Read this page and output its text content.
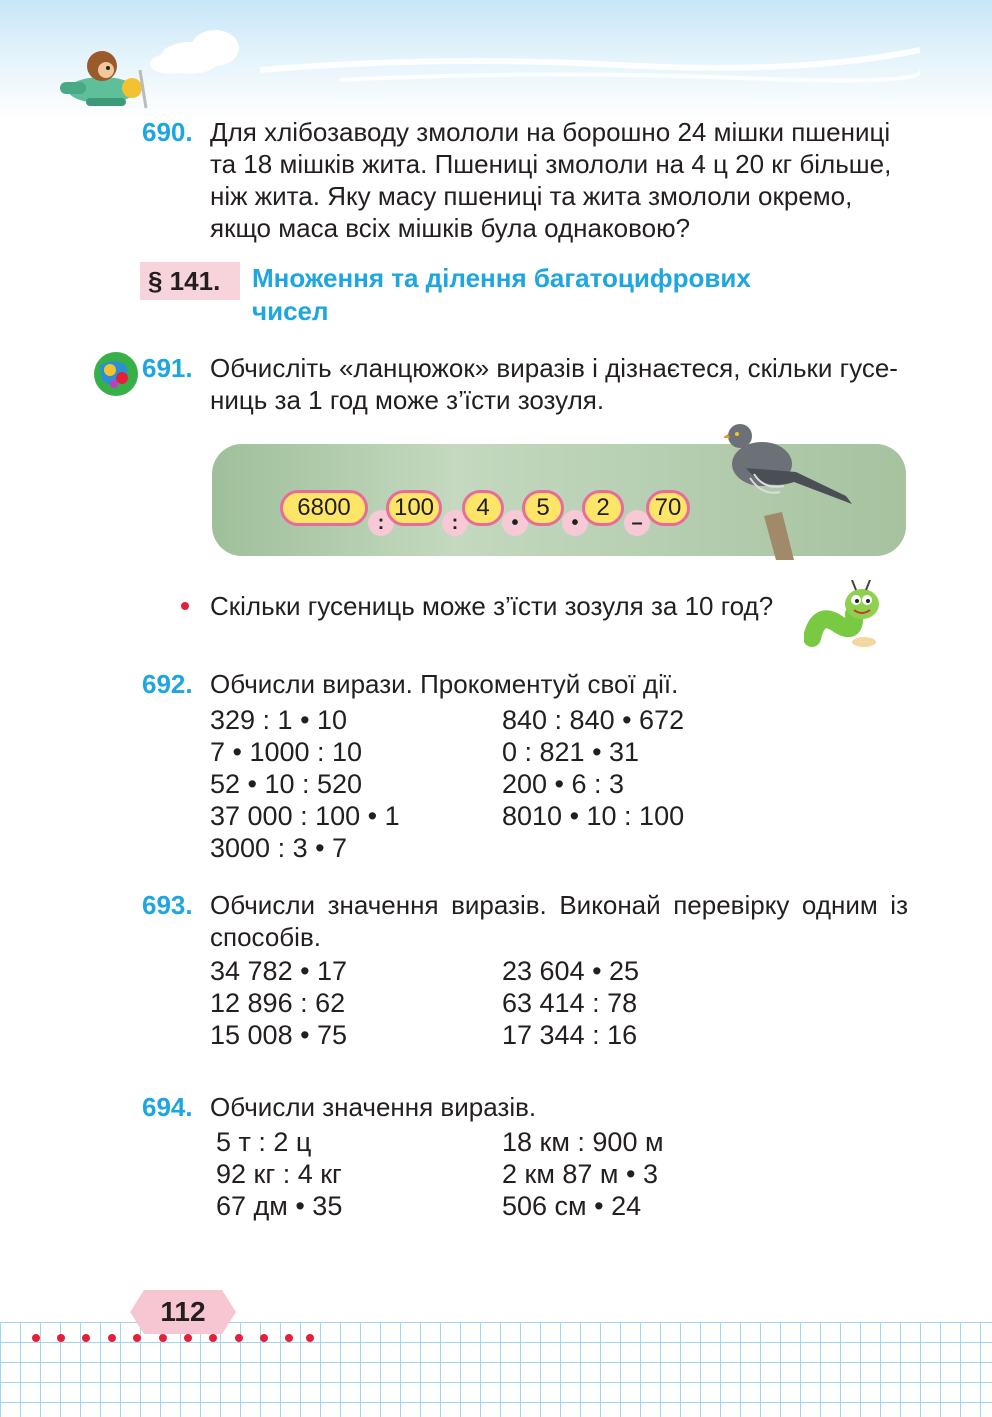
690. Для хлібозаводу змололи на борошно 24 мішки пшениці
та 18 мішків жита. Пшениці змололи на 4 ц 20 кг більше,
ніж жита. Яку масу пшениці та жита змололи окремо,
якщо маса всіх мішків була однаковою?
§ 141. Множення та ділення багатоцифрових
чисел
691. Обчисліть «ланцюжок» виразів і дізнаєтеся, скільки гусе-
ниць за 1 год може з’їсти зозуля.
6800
:
100
:
4
•
5
•
2
–
70
Скільки гусениць може з’їсти зозуля за 10 год?
692. Обчисли вирази. Прокоментуй свої дії.
329 : 1 • 10
7 • 1000 : 10
52 • 10 : 520
37 000 : 100 • 1
3000 : 3 • 7
840 : 840 • 672
0 : 821 • 31
200 • 6 : 3
8010 • 10 : 100
693. Обчисли значення виразів. Виконай перевірку одним із
способів.
34 782 • 17
12 896 : 62
15 008 • 75
23 604 • 25
63 414 : 78
17 344 : 16
694. Обчисли значення виразів.
5 т : 2 ц
92 кг : 4 кг
67 дм • 35
18 км : 900 м
2 км 87 м • 3
506 см • 24
112
